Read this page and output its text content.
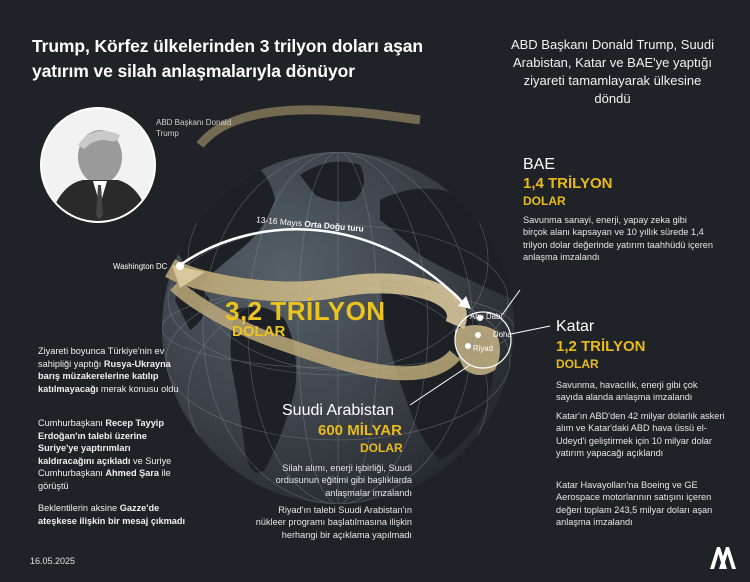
Trump, Körfez ülkelerinden 3 trilyon doları aşan yatırım ve silah anlaşmalarıyla dönüyor
ABD Başkanı Donald Trump, Suudi Arabistan, Katar ve BAE'ye yaptığı ziyareti tamamlayarak ülkesine döndü
ABD Başkanı Donald Trump
ABD
Washington DC
13-16 Mayıs Orta Doğu turu
Abu Dabi
Doha
Riyad
3,2 TRİLYON
DOLAR
BAE
1,4 TRİLYON
DOLAR
Savunma sanayi, enerji, yapay zeka gibi birçok alanı kapsayan ve 10 yıllık sürede 1,4 trilyon dolar değerinde yatırım taahhüdü içeren anlaşma imzalandı
Katar
1,2 TRİLYON
DOLAR
Savunma, havacılık, enerji gibi çok sayıda alanda anlaşma imzalandı
Katar'ın ABD'den 42 milyar dolarlık askeri alım ve Katar'daki ABD hava üssü el-Udeyd'i geliştirmek için 10 milyar dolar yatırım yapacağı açıklandı
Katar Havayolları'na Boeing ve GE Aerospace motorlarının satışını içeren değeri toplam 243,5 milyar doları aşan anlaşma imzalandı
Suudi Arabistan
600 MİLYAR
DOLAR
Silah alımı, enerji işbirliği, Suudi ordusunun eğitimi gibi başlıklarda anlaşmalar imzalandı
Riyad'ın talebi Suudi Arabistan'ın nükleer programı başlatılmasına ilişkin herhangi bir açıklama yapılmadı
Ziyareti boyunca Türkiye'nin ev sahipliği yaptığı Rusya-Ukrayna barış müzakerelerine katılıp katılmayacağı merak konusu oldu
Cumhurbaşkanı Recep Tayyip Erdoğan'ın talebi üzerine Suriye'ye yaptırımları kaldıracağını açıkladı ve Suriye Cumhurbaşkanı Ahmed Şara ile görüştü
Beklentilerin aksine Gazze'de ateşkese ilişkin bir mesaj çıkmadı
16.05.2025
